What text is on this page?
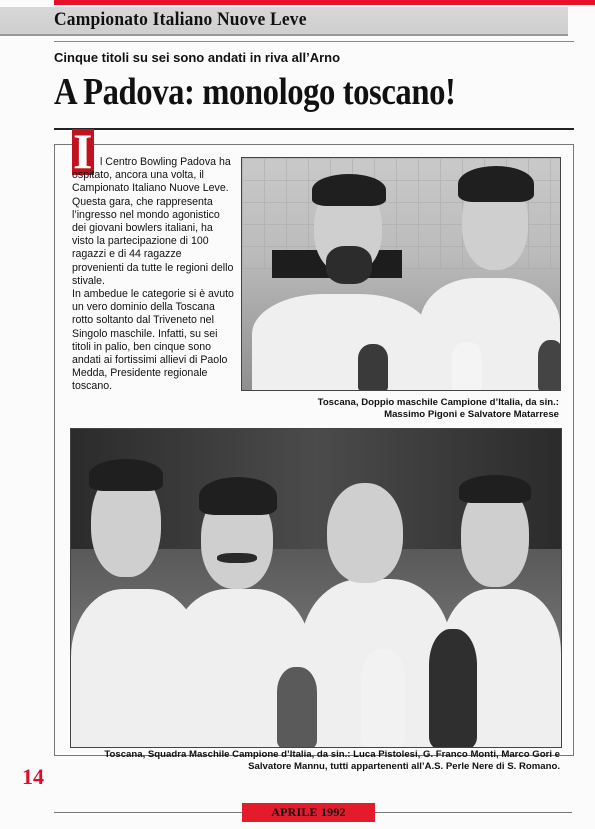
Campionato Italiano Nuove Leve
Cinque titoli su sei sono andati in riva all’Arno
A Padova: monologo toscano!
I l Centro Bowling Padova ha ospitato, ancora una volta, il Campionato Italiano Nuove Leve.

Questa gara, che rappresenta l’ingresso nel mondo agonistico dei giovani bowlers italiani, ha visto la partecipazione di 100 ragazzi e di 44 ragazze provenienti da tutte le regioni dello stivale.

In ambedue le categorie si è avuto un vero dominio della Toscana rotto soltanto dal Triveneto nel Singolo maschile. Infatti, su sei titoli in palio, ben cinque sono andati ai fortissimi allievi di Paolo Medda, Presidente regionale toscano.

Toscana, Doppio maschile Campione d’Italia, da sin.: Massimo Pigoni e Salvatore Matarrese
Toscana, Squadra Maschile Campione d’Italia, da sin.: Luca Pistolesi, G. Franco Monti, Marco Gori e Salvatore Mannu, tutti appartenenti all’A.S. Perle Nere di S. Romano.
14
APRILE 1992
